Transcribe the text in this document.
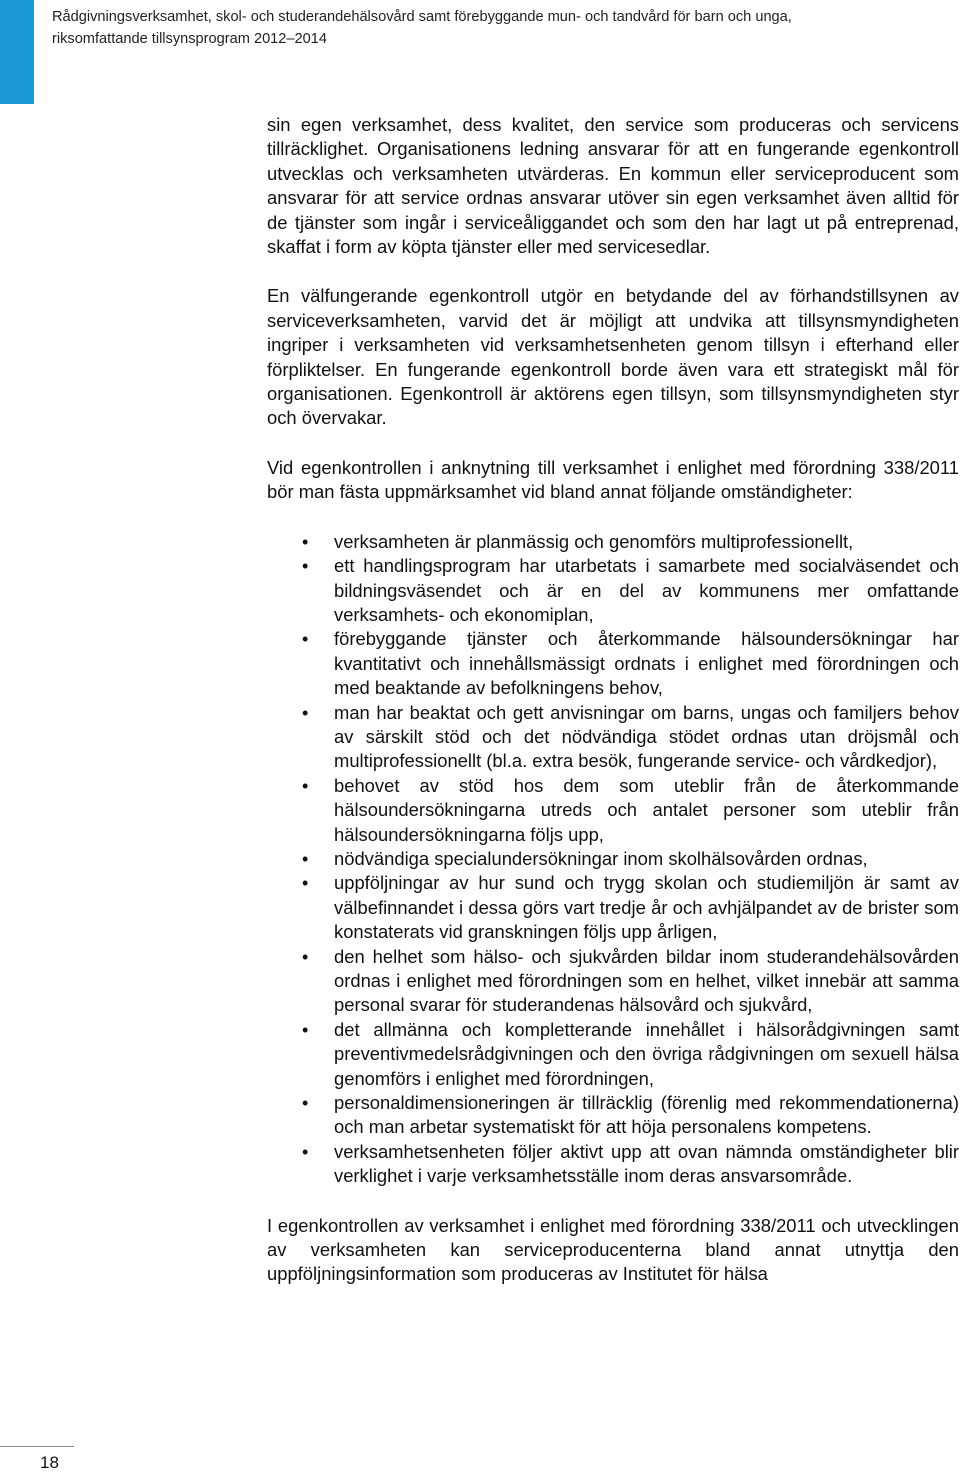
Rådgivningsverksamhet, skol- och studerandehälsovård samt förebyggande mun- och tandvård för barn och unga,
riksomfattande tillsynsprogram 2012–2014

sin egen verksamhet, dess kvalitet, den service som produceras och servicens tillräcklighet. Organisationens ledning ansvarar för att en fungerande egenkontroll utvecklas och verksamheten utvärderas. En kommun eller serviceproducent som ansvarar för att service ordnas ansvarar utöver sin egen verksamhet även alltid för de tjänster som ingår i serviceåliggandet och som den har lagt ut på entreprenad, skaffat i form av köpta tjänster eller med servicesedlar.

En välfungerande egenkontroll utgör en betydande del av förhandstillsynen av serviceverksamheten, varvid det är möjligt att undvika att tillsynsmyndigheten ingriper i verksamheten vid verksamhetsenheten genom tillsyn i efterhand eller förpliktelser. En fungerande egenkontroll borde även vara ett strategiskt mål för organisationen. Egenkontroll är aktörens egen tillsyn, som tillsynsmyndigheten styr och övervakar.

Vid egenkontrollen i anknytning till verksamhet i enlighet med förordning 338/2011 bör man fästa uppmärksamhet vid bland annat följande omständigheter:

• verksamheten är planmässig och genomförs multiprofessionellt,
• ett handlingsprogram har utarbetats i samarbete med socialväsendet och bildningsväsendet och är en del av kommunens mer omfattande verksamhets- och ekonomiplan,
• förebyggande tjänster och återkommande hälsoundersökningar har kvantitativt och innehållsmässigt ordnats i enlighet med förordningen och med beaktande av befolkningens behov,
• man har beaktat och gett anvisningar om barns, ungas och familjers behov av särskilt stöd och det nödvändiga stödet ordnas utan dröjsmål och multiprofessionellt (bl.a. extra besök, fungerande service- och vårdkedjor),
• behovet av stöd hos dem som uteblir från de återkommande hälsoundersökningarna utreds och antalet personer som uteblir från hälsoundersökningarna följs upp,
• nödvändiga specialundersökningar inom skolhälsovården ordnas,
• uppföljningar av hur sund och trygg skolan och studiemiljön är samt av välbefinnandet i dessa görs vart tredje år och avhjälpandet av de brister som konstaterats vid granskningen följs upp årligen,
• den helhet som hälso- och sjukvården bildar inom studerandehälsovården ordnas i enlighet med förordningen som en helhet, vilket innebär att samma personal svarar för studerandenas hälsovård och sjukvård,
• det allmänna och kompletterande innehållet i hälsorådgivningen samt preventivmedelsrådgivningen och den övriga rådgivningen om sexuell hälsa genomförs i enlighet med förordningen,
• personaldimensioneringen är tillräcklig (förenlig med rekommendationerna) och man arbetar systematiskt för att höja personalens kompetens.
• verksamhetsenheten följer aktivt upp att ovan nämnda omständigheter blir verklighet i varje verksamhetsställe inom deras ansvarsområde.

I egenkontrollen av verksamhet i enlighet med förordning 338/2011 och utvecklingen av verksamheten kan serviceproducenterna bland annat utnyttja den uppföljningsinformation som produceras av Institutet för hälsa

18
